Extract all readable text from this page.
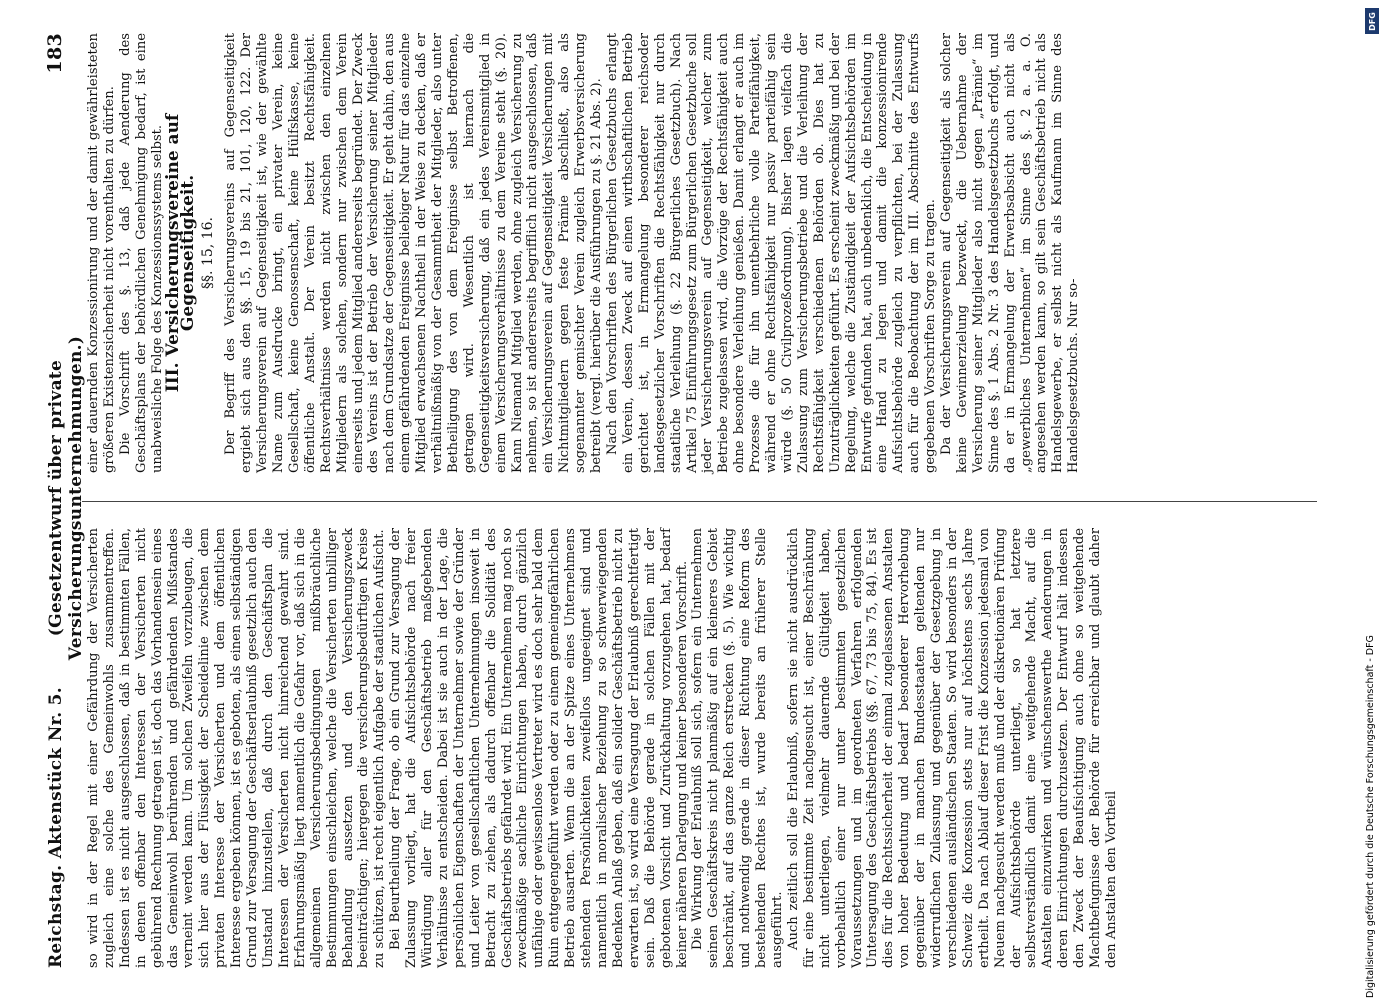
Reichstag. Aktenstück Nr. 5.
(Gesetzentwurf über private Versicherungsunternehmungen.)
183

so wird in der Regel mit einer Gefährdung der Versicherten zugleich eine solche des Gemeinwohls zusammentreffen. Indessen ist es nicht ausgeschlossen, daß in bestimmten Fällen, in denen offenbar den Interessen der Versicherten nicht gebührend Rechnung getragen ist, doch das Vorhandensein eines das Gemeinwohl berührenden und gefährdenden Mißstandes verneint werden kann. Um solchen Zweifeln vorzubeugen, die sich hier aus der Flüssigkeit der Scheidelinie zwischen dem privaten Interesse der Versicherten und dem öffentlichen Interesse ergeben können, ist es geboten, als einen selbständigen Grund zur Versagung der Geschäftserlaubniß gesetzlich auch den Umstand hinzustellen, daß durch den Geschäftsplan die Interessen der Versicherten nicht hinreichend gewahrt sind. Erfahrungsmäßig liegt namentlich die Gefahr vor, daß sich in die allgemeinen Versicherungsbedingungen mißbräuchliche Bestimmungen einschleichen, welche die Versicherten unbilliger Behandlung aussetzen und den Versicherungszweck beeinträchtigen; hiergegen die versicherungsbedürftigen Kreise zu schützen, ist recht eigentlich Aufgabe der staatlichen Aufsicht. Bei Beurtheilung der Frage, ob ein Grund zur Versagung der Zulassung vorliegt, hat die Aufsichtsbehörde nach freier Würdigung aller für den Geschäftsbetrieb maßgebenden Verhältnisse zu entscheiden. Dabei ist sie auch in der Lage, die persönlichen Eigenschaften der Unternehmer sowie der Gründer und Leiter von gesellschaftlichen Unternehmungen insoweit in Betracht zu ziehen, als dadurch offenbar die Solidität des Geschäftsbetriebs gefährdet wird. Ein Unternehmen mag noch so zweckmäßige sachliche Einrichtungen haben, durch gänzlich unfähige oder gewissenlose Vertreter wird es doch sehr bald dem Ruin entgegengeführt werden oder zu einem gemeingefährlichen Betrieb ausarten. Wenn die an der Spitze eines Unternehmens stehenden Persönlichkeiten zweifellos ungeeignet sind und namentlich in moralischer Beziehung zu so schwerwiegenden Bedenken Anlaß geben, daß ein solider Geschäftsbetrieb nicht zu erwarten ist, so wird eine Versagung der Erlaubniß gerechtfertigt sein. Daß die Behörde gerade in solchen Fällen mit der gebotenen Vorsicht und Zurückhaltung vorzugehen hat, bedarf keiner näheren Darlegung und keiner besonderen Vorschrift. Die Wirkung der Erlaubniß soll sich, sofern ein Unternehmen seinen Geschäftskreis nicht planmäßig auf ein kleineres Gebiet beschränkt, auf das ganze Reich erstrecken (§. 5). Wie wichtig und nothwendig gerade in dieser Richtung eine Reform des bestehenden Rechtes ist, wurde bereits an früherer Stelle ausgeführt. Auch zeitlich soll die Erlaubniß, sofern sie nicht ausdrücklich für eine bestimmte Zeit nachgesucht ist, einer Beschränkung nicht unterliegen, vielmehr dauernde Gültigkeit haben, vorbehaltlich einer nur unter bestimmten gesetzlichen Voraussetzungen und im geordneten Verfahren erfolgenden Untersagung des Geschäftsbetriebs (§§. 67, 73 bis 75, 84). Es ist dies für die Rechtssicherheit der einmal zugelassenen Anstalten von hoher Bedeutung und bedarf besonderer Hervorhebung gegenüber der in manchen Bundesstaaten geltenden nur widerruflichen Zulassung und gegenüber der Gesetzgebung in verschiedenen ausländischen Staaten. So wird besonders in der Schweiz die Konzession stets nur auf höchstens sechs Jahre ertheilt. Da nach Ablauf dieser Frist die Konzession jedesmal von Neuem nachgesucht werden muß und der diskretionären Prüfung der Aufsichtsbehörde unterliegt, so hat letztere selbstverständlich damit eine weitgehende Macht, auf die Anstalten einzuwirken und wünschenswerthe Aenderungen in deren Einrichtungen durchzusetzen. Der Entwurf hält indessen den Zweck der Beaufsichtigung auch ohne so weitgehende Machtbefugnisse der Behörde für erreichbar und glaubt daher den Anstalten den Vortheil

einer dauernden Konzessionirung und der damit gewährleisteten größeren Existenzsicherheit nicht vorenthalten zu dürfen. Die Vorschrift des §. 13, daß jede Aenderung des Geschäftsplans der behördlichen Genehmigung bedarf, ist eine unabweisliche Folge des Konzessionssystems selbst.

III. Versicherungsvereine auf Gegenseitigkeit. §§. 15, 16. Der Begriff des Versicherungsvereins auf Gegenseitigkeit ergiebt sich aus den §§. 15, 19 bis 21, 101, 120, 122. Der Versicherungsverein auf Gegenseitigkeit ist, wie der gewählte Name zum Ausdrucke bringt, ein privater Verein, keine Gesellschaft, keine Genossenschaft, keine Hülfskasse, keine öffentliche Anstalt. Der Verein besitzt Rechtsfähigkeit. Rechtsverhältnisse werden nicht zwischen den einzelnen Mitgliedern als solchen, sondern nur zwischen dem Verein einerseits und jedem Mitglied andererseits begründet. Der Zweck des Vereins ist der Betrieb der Versicherung seiner Mitglieder nach dem Grundsatze der Gegenseitigkeit. Er geht dahin, den aus einem gefährdenden Ereignisse beliebiger Natur für das einzelne Mitglied erwachsenen Nachtheil in der Weise zu decken, daß er verhältnißmäßig von der Gesammtheit der Mitglieder, also unter Betheiligung des von dem Ereignisse selbst Betroffenen, getragen wird. Wesentlich ist hiernach die Gegenseitigkeitsversicherung, daß ein jedes Vereinsmitglied in einem Versicherungsverhältnisse zu dem Vereine steht (§. 20). Kann Niemand Mitglied werden, ohne zugleich Versicherung zu nehmen, so ist andererseits begrifflich nicht ausgeschlossen, daß ein Versicherungsverein auf Gegenseitigkeit Versicherungen mit Nichtmitgliedern gegen feste Prämie abschließt, also als sogenannter gemischter Verein zugleich Erwerbsversicherung betreibt (vergl. hierüber die Ausführungen zu §. 21 Abs. 2). Nach den Vorschriften des Bürgerlichen Gesetzbuchs erlangt ein Verein, dessen Zweck auf einen wirthschaftlichen Betrieb gerichtet ist, in Ermangelung besonderer reichsoder landesgesetzlicher Vorschriften die Rechtsfähigkeit nur durch staatliche Verleihung (§. 22 Bürgerliches Gesetzbuch). Nach Artikel 75 Einführungsgesetz zum Bürgerlichen Gesetzbuche soll jeder Versicherungsverein auf Gegenseitigkeit, welcher zum Betriebe zugelassen wird, die Vorzüge der Rechtsfähigkeit auch ohne besondere Verleihung genießen. Damit erlangt er auch im Prozesse die für ihn unentbehrliche volle Parteifähigkeit, während er ohne Rechtsfähigkeit nur passiv parteifähig sein würde (§. 50 Civilprozeßordnung). Bisher lagen vielfach die Zulassung zum Versicherungsbetriebe und die Verleihung der Rechtsfähigkeit verschiedenen Behörden ob. Dies hat zu Unzuträglichkeiten geführt. Es erscheint zweckmäßig und bei der Regelung, welche die Zuständigkeit der Aufsichtsbehörden im Entwurfe gefunden hat, auch unbedenklich, die Entscheidung in eine Hand zu legen und damit die konzessionirende Aufsichtsbehörde zugleich zu verpflichten, bei der Zulassung auch für die Beobachtung der im III. Abschnitte des Entwurfs gegebenen Vorschriften Sorge zu tragen. Da der Versicherungsverein auf Gegenseitigkeit als solcher keine Gewinnerzielung bezweckt, die Uebernahme der Versicherung seiner Mitglieder also nicht gegen „Prämie“ im Sinne des §. 1 Abs. 2 Nr. 3 des Handelsgesetzbuchs erfolgt, und da er in Ermangelung der Erwerbsabsicht auch nicht als „gewerbliches Unternehmen“ im Sinne des §. 2 a. a. O. angesehen werden kann, so gilt sein Geschäftsbetrieb nicht als Handelsgewerbe, er selbst nicht als Kaufmann im Sinne des Handelsgesetzbuchs. Nur so-

DFG
Digitalisierung gefördert durch die Deutsche Forschungsgemeinschaft - DFG
